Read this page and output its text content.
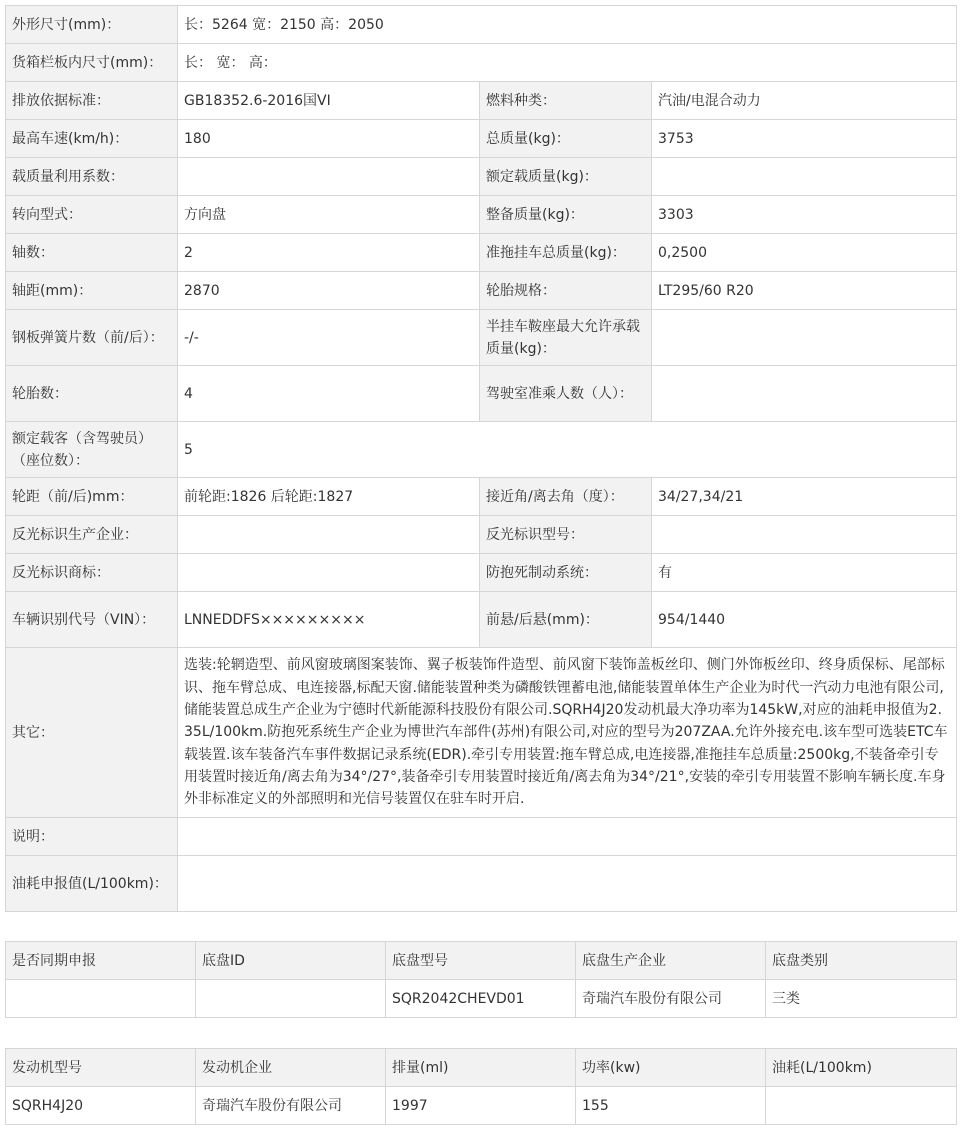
外形尺寸(mm)：	长：5264 宽：2150 高：2050		
货箱栏板内尺寸(mm)：	长： 宽： 高：		
排放依据标准：	GB18352.6-2016国VI	燃料种类：	汽油/电混合动力
最高车速(km/h)：	180	总质量(kg)：	3753
载质量利用系数：		额定载质量(kg)：	
转向型式：	方向盘	整备质量(kg)：	3303
轴数：	2	准拖挂车总质量(kg)：	0,2500
轴距(mm)：	2870	轮胎规格：	LT295/60 R20
钢板弹簧片数（前/后）：	-/-	半挂车鞍座最大允许承载质量(kg)：	
轮胎数：	4	驾驶室准乘人数（人）：	
额定载客（含驾驶员）（座位数）：	5		
轮距（前/后)mm：	前轮距:1826 后轮距:1827	接近角/离去角（度）：	34/27,34/21
反光标识生产企业：		反光标识型号：	
反光标识商标：		防抱死制动系统：	有
车辆识别代号（VIN）：	LNNEDDFS×××××××××	前悬/后悬(mm)：	954/1440
其它：	选装:轮辋造型、前风窗玻璃图案装饰、翼子板装饰件造型、前风窗下装饰盖板丝印、侧门外饰板丝印、终身质保标、尾部标识、拖车臂总成、电连接器,标配天窗.储能装置种类为磷酸铁锂蓄电池,储能装置单体生产企业为时代一汽动力电池有限公司,储能装置总成生产企业为宁德时代新能源科技股份有限公司.SQRH4J20发动机最大净功率为145kW,对应的油耗申报值为2.35L/100km.防抱死系统生产企业为博世汽车部件(苏州)有限公司,对应的型号为207ZAA.允许外接充电.该车型可选装ETC车载装置.该车装备汽车事件数据记录系统(EDR).牵引专用装置:拖车臂总成,电连接器,准拖挂车总质量:2500kg,不装备牵引专用装置时接近角/离去角为34°/27°,装备牵引专用装置时接近角/离去角为34°/21°,安装的牵引专用装置不影响车辆长度.车身外非标准定义的外部照明和光信号装置仅在驻车时开启.		
说明：			
油耗申报值(L/100km)：			
是否同期申报	底盘ID	底盘型号	底盘生产企业	底盘类别
		SQR2042CHEVD01	奇瑞汽车股份有限公司	三类
发动机型号	发动机企业	排量(ml)	功率(kw)	油耗(L/100km)
SQRH4J20	奇瑞汽车股份有限公司	1997	155	
